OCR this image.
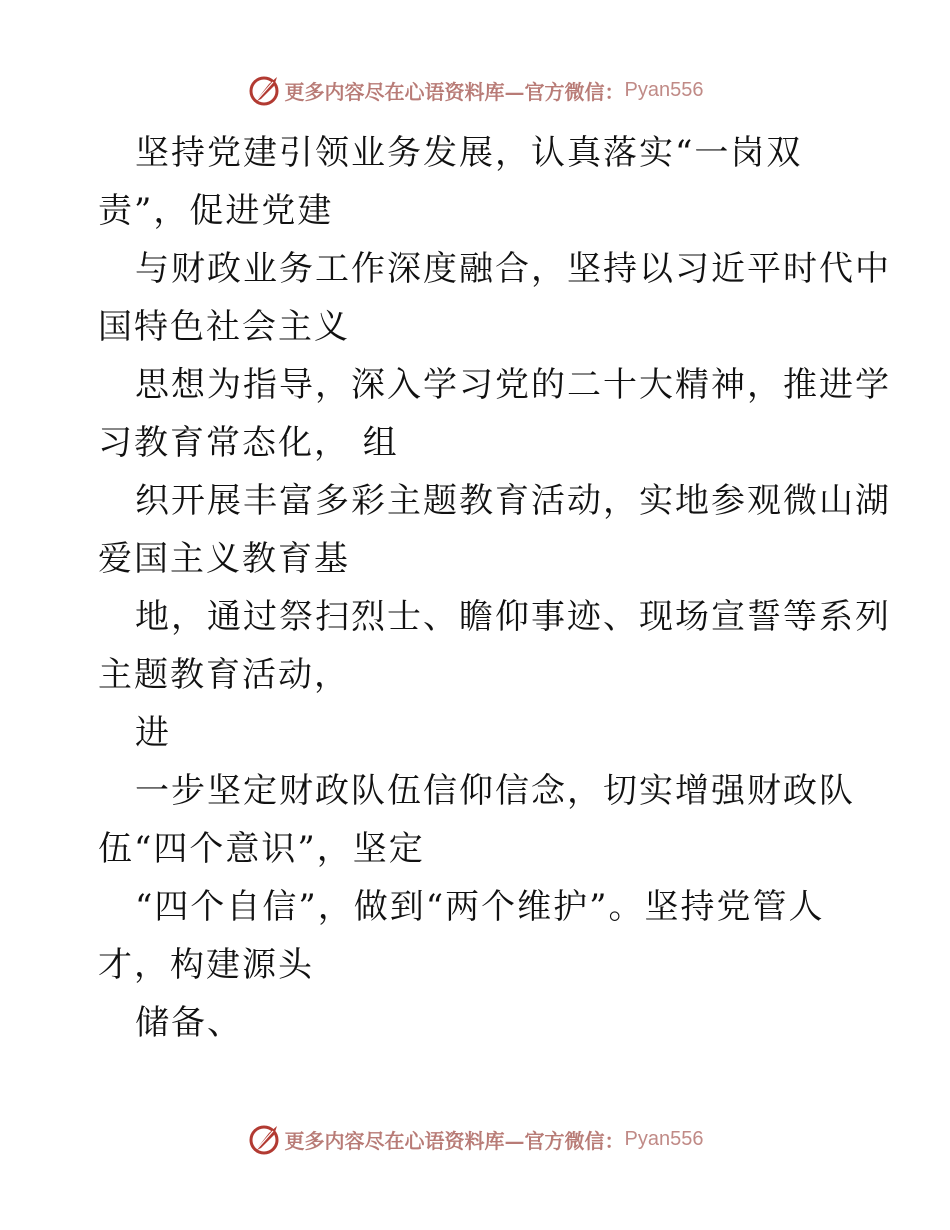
更多内容尽在心语资料库—官方微信： Pyan556
坚持党建引领业务发展，认真落实“一岗双
责”，促进党建
与财政业务工作深度融合，坚持以习近平时代中
国特色社会主义
思想为指导，深入学习党的二十大精神，推进学
习教育常态化， 组
织开展丰富多彩主题教育活动，实地参观微山湖
爱国主义教育基
地，通过祭扫烈士、瞻仰事迹、现场宣誓等系列
主题教育活动，
进
一步坚定财政队伍信仰信念，切实增强财政队
伍“四个意识”，坚定
“四个自信”，做到“两个维护”。坚持党管人
才，构建源头
储备、
更多内容尽在心语资料库—官方微信： Pyan556
